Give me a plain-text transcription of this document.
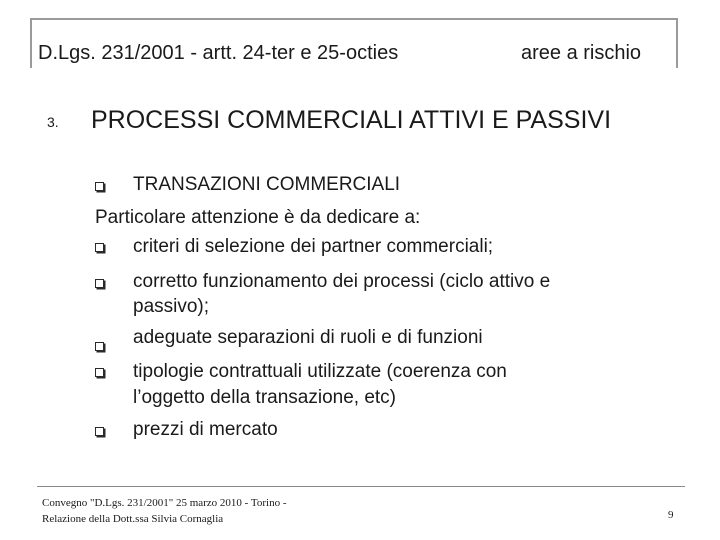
D.Lgs. 231/2001 - artt. 24-ter e 25-octies	aree a rischio
3. PROCESSI COMMERCIALI ATTIVI E PASSIVI
TRANSAZIONI COMMERCIALI
Particolare attenzione è da dedicare a:
criteri di selezione dei partner commerciali;
corretto funzionamento dei processi (ciclo attivo e
passivo);
adeguate separazioni di ruoli e di funzioni
tipologie contrattuali utilizzate (coerenza con
l’oggetto della transazione, etc)
prezzi di mercato
Convegno "D.Lgs. 231/2001" 25 marzo 2010 - Torino -
Relazione della Dott.ssa Silvia Cornaglia	9
